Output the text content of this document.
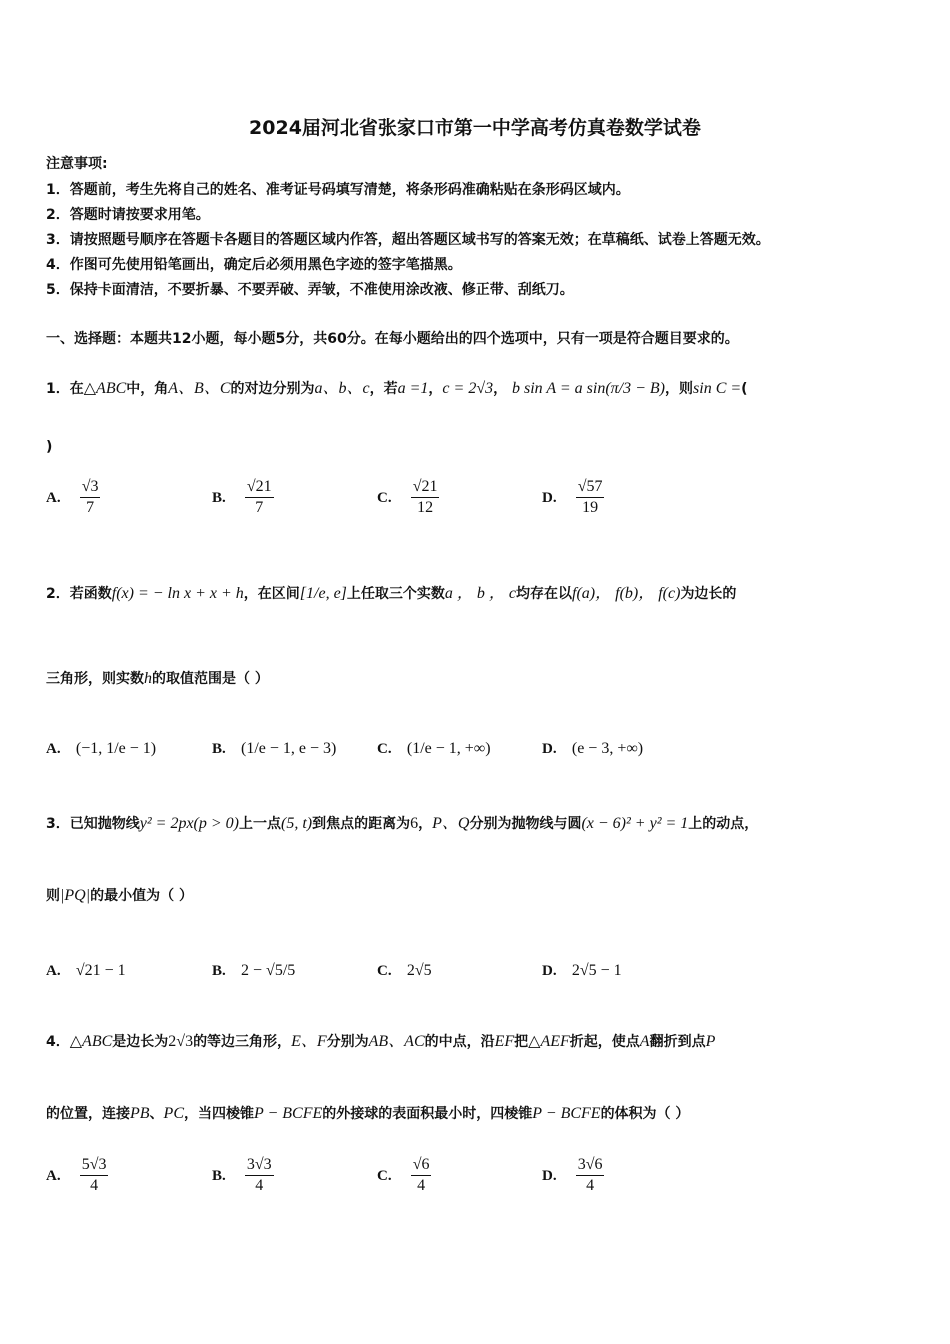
2024届河北省张家口市第一中学高考仿真卷数学试卷
注意事项:
1．答题前，考生先将自己的姓名、准考证号码填写清楚，将条形码准确粘贴在条形码区域内。
2．答题时请按要求用笔。
3．请按照题号顺序在答题卡各题目的答题区域内作答，超出答题区域书写的答案无效；在草稿纸、试卷上答题无效。
4．作图可先使用铅笔画出，确定后必须用黑色字迹的签字笔描黑。
5．保持卡面清洁，不要折暴、不要弄破、弄皱，不准使用涂改液、修正带、刮纸刀。
一、选择题：本题共12小题，每小题5分，共60分。在每小题给出的四个选项中，只有一项是符合题目要求的。
1．在△ABC中，角A、B、C的对边分别为a、b、c，若a =1，c = 2√3， b sin A = a sin(π/3 − B)，则sin C =(
)
A. $\frac{√3}{7}$	B. $\frac{√21}{7}$	C. $\frac{√21}{12}$	D. $\frac{√57}{19}$
2．若函数f(x) = − ln x + x + h，在区间[1/e, e]上任取三个实数a ， b ， c均存在以f(a)， f(b)， f(c)为边长的
三角形，则实数h的取值范围是（ ）
A. (−1, 1/e − 1)	B. (1/e − 1, e − 3)	C. (1/e − 1, +∞)	D. (e − 3, +∞)
3．已知抛物线y² = 2px(p > 0)上一点(5, t)到焦点的距离为6，P、Q分别为抛物线与圆(x − 6)² + y² = 1上的动点，
则|PQ|的最小值为（ ）
A. √21 − 1	B. 2 − √5/5	C. 2√5	D. 2√5 − 1
4．△ABC是边长为2√3的等边三角形，E、F分别为AB、AC的中点，沿EF把△AEF折起，使点A翻折到点P
的位置，连接PB、PC，当四棱锥P − BCFE的外接球的表面积最小时，四棱锥P − BCFE的体积为（ ）
A. $\frac{5√3}{4}$	B. $\frac{3√3}{4}$	C. $\frac{√6}{4}$	D. $\frac{3√6}{4}$
